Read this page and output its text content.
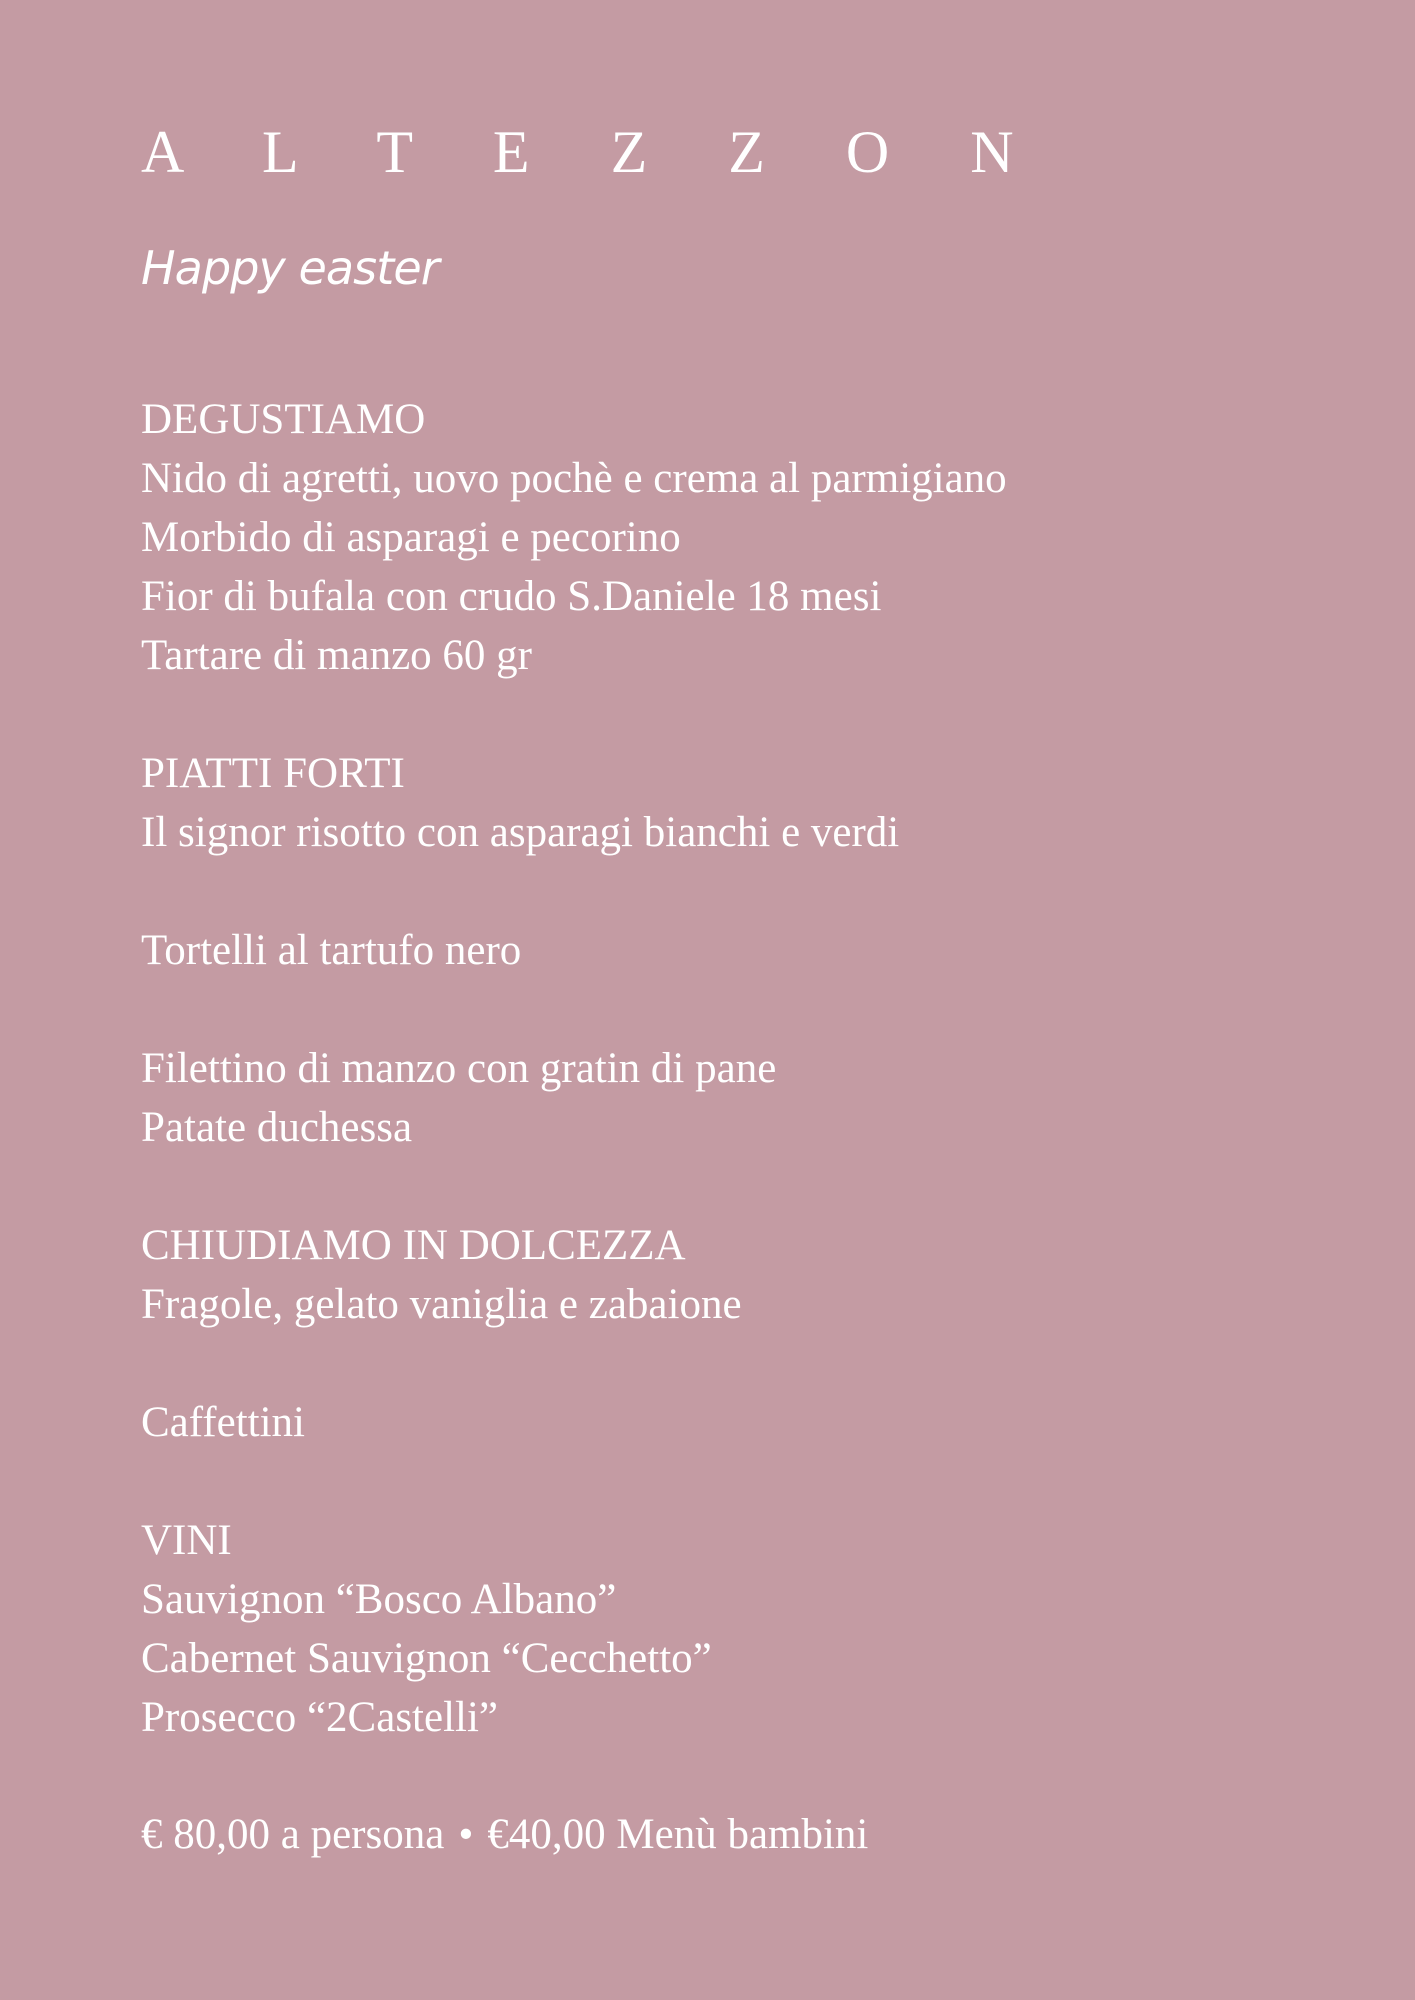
A L T E Z Z O N
Happy easter
DEGUSTIAMO
Nido di agretti, uovo pochè e crema al parmigiano
Morbido di asparagi e pecorino
Fior di bufala con crudo S.Daniele 18 mesi
Tartare di manzo 60 gr
PIATTI FORTI
Il signor risotto con asparagi bianchi e verdi
Tortelli al tartufo nero
Filettino di manzo con gratin di pane
Patate duchessa
CHIUDIAMO IN DOLCEZZA
Fragole, gelato vaniglia e zabaione
Caffettini
VINI
Sauvignon “Bosco Albano”
Cabernet Sauvignon “Cecchetto”
Prosecco “2Castelli”
€ 80,00 a persona • €40,00 Menù bambini
